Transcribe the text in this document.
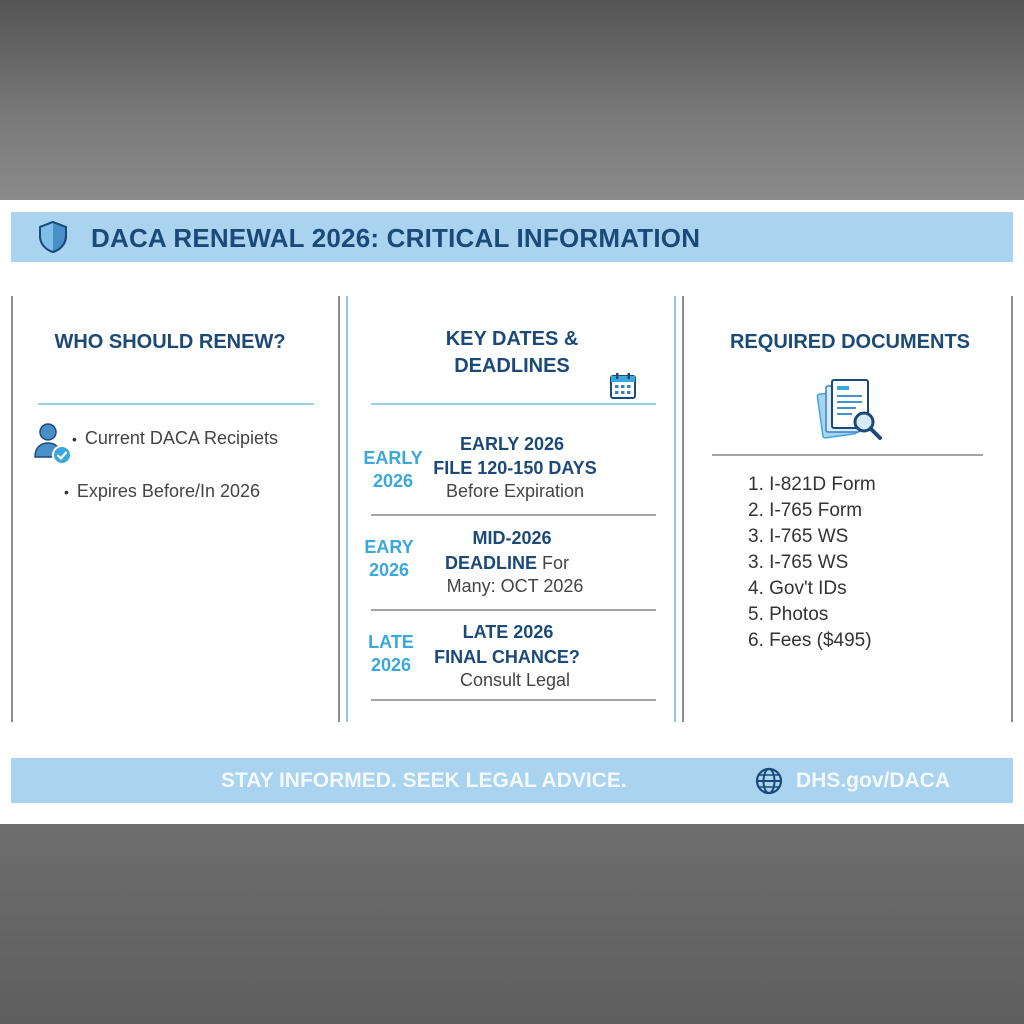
DACA RENEWAL 2026: CRITICAL INFORMATION
WHO SHOULD RENEW?
• Current DACA Recipiets
• Expires Before/In 2026
KEY DATES &
DEADLINES
EARLY
2026
EARLY 2026
FILE 120-150 DAYS
Before Expiration
EARY
2026
MID-2026
DEADLINE For
Many: OCT 2026
LATE
2026
LATE 2026
FINAL CHANCE?
Consult Legal
REQUIRED DOCUMENTS
1. I-821D Form
2. I-765 Form
3. I-765 WS
3. I-765 WS
4. Gov't IDs
5. Photos
6. Fees ($495)
STAY INFORMED. SEEK LEGAL ADVICE.	DHS.gov/DACA
